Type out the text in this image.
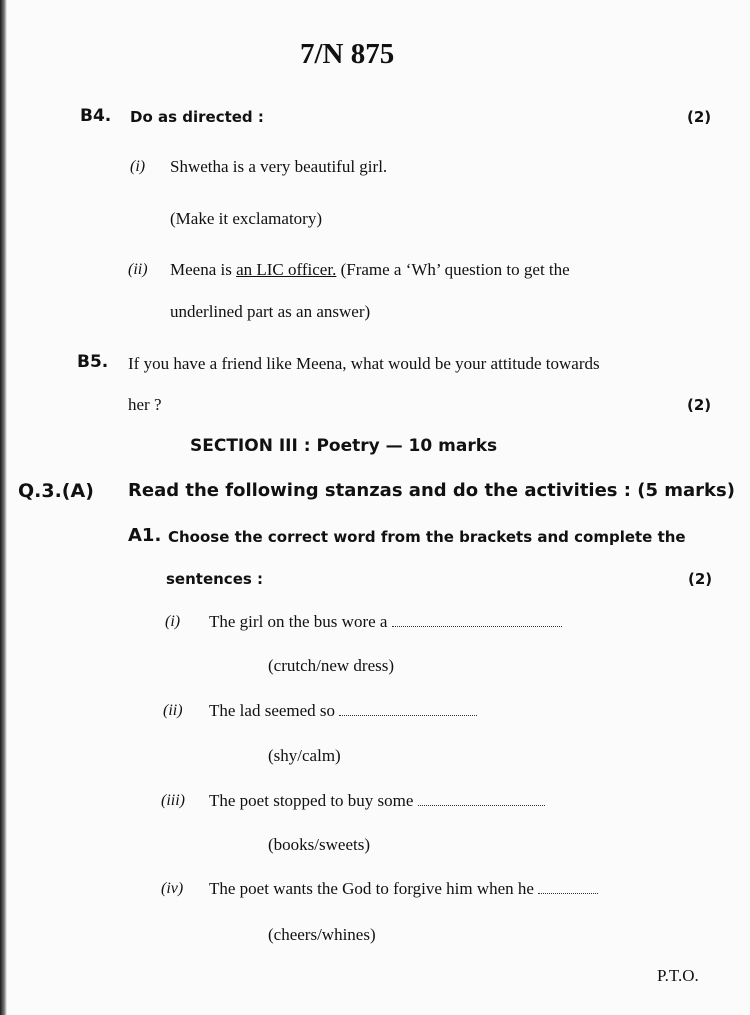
7/N 875
B4. Do as directed :	(2)
(i) Shwetha is a very beautiful girl.
(Make it exclamatory)
(ii) Meena is an LIC officer. (Frame a ‘Wh’ question to get the
underlined part as an answer)
B5. If you have a friend like Meena, what would be your attitude towards
her ?	(2)
SECTION III : Poetry — 10 marks
Q.3.(A) Read the following stanzas and do the activities : (5 marks)
A1. Choose the correct word from the brackets and complete the
sentences :	(2)
(i) The girl on the bus wore a
(crutch/new dress)
(ii) The lad seemed so
(shy/calm)
(iii) The poet stopped to buy some
(books/sweets)
(iv) The poet wants the God to forgive him when he
(cheers/whines)
P.T.O.
